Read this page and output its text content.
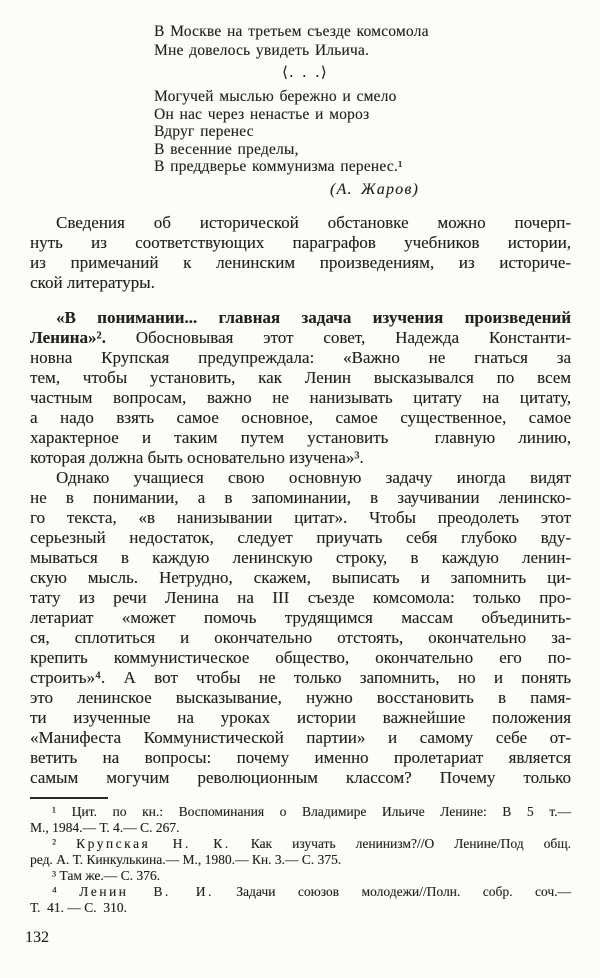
В Москве на третьем съезде комсомола
Мне довелось увидеть Ильича.
⟨. . .⟩
Могучей мыслью бережно и смело
Он нас через ненастье и мороз
Вдруг перенес
В весенние пределы,
В преддверье коммунизма перенес.¹
(А. Жаров)
Сведения об исторической обстановке можно почерп-
нуть из соответствующих параграфов учебников истории,
из примечаний к ленинским произведениям, из историче-
ской литературы.
«В понимании... главная задача изучения произведений
Ленина»². Обосновывая этот совет, Надежда Константи-
новна Крупская предупреждала: «Важно не гнаться за
тем, чтобы установить, как Ленин высказывался по всем
частным вопросам, важно не нанизывать цитату на цитату,
а надо взять самое основное, самое существенное, самое
характерное и таким путем установить  главную линию,
которая должна быть основательно изучена»³.
Однако учащиеся свою основную задачу иногда видят
не в понимании, а в запоминании, в заучивании ленинско-
го текста, «в нанизывании цитат». Чтобы преодолеть этот
серьезный недостаток, следует приучать себя глубоко вду-
мываться в каждую ленинскую строку, в каждую ленин-
скую мысль. Нетрудно, скажем, выписать и запомнить ци-
тату из речи Ленина на III съезде комсомола: только про-
летариат «может помочь трудящимся массам объединить-
ся, сплотиться и окончательно отстоять, окончательно за-
крепить коммунистическое общество, окончательно его по-
строить»⁴. А вот чтобы не только запомнить, но и понять
это ленинское высказывание, нужно восстановить в памя-
ти изученные на уроках истории важнейшие положения
«Манифеста Коммунистической партии» и самому себе от-
ветить на вопросы: почему именно пролетариат является
самым могучим революционным классом? Почему только
¹ Цит. по кн.: Воспоминания о Владимире Ильиче Ленине: В 5 т.—
М., 1984.— Т. 4.— С. 267.
² Крупская Н. К. Как изучать ленинизм?//О Ленине/Под общ.
ред. А. Т. Кинкулькина.— М., 1980.— Кн. 3.— С. 375.
³ Там же.— С. 376.
⁴ Ленин В. И. Задачи союзов молодежи//Полн. собр. соч.—
Т.  41. — С.  310.
132
